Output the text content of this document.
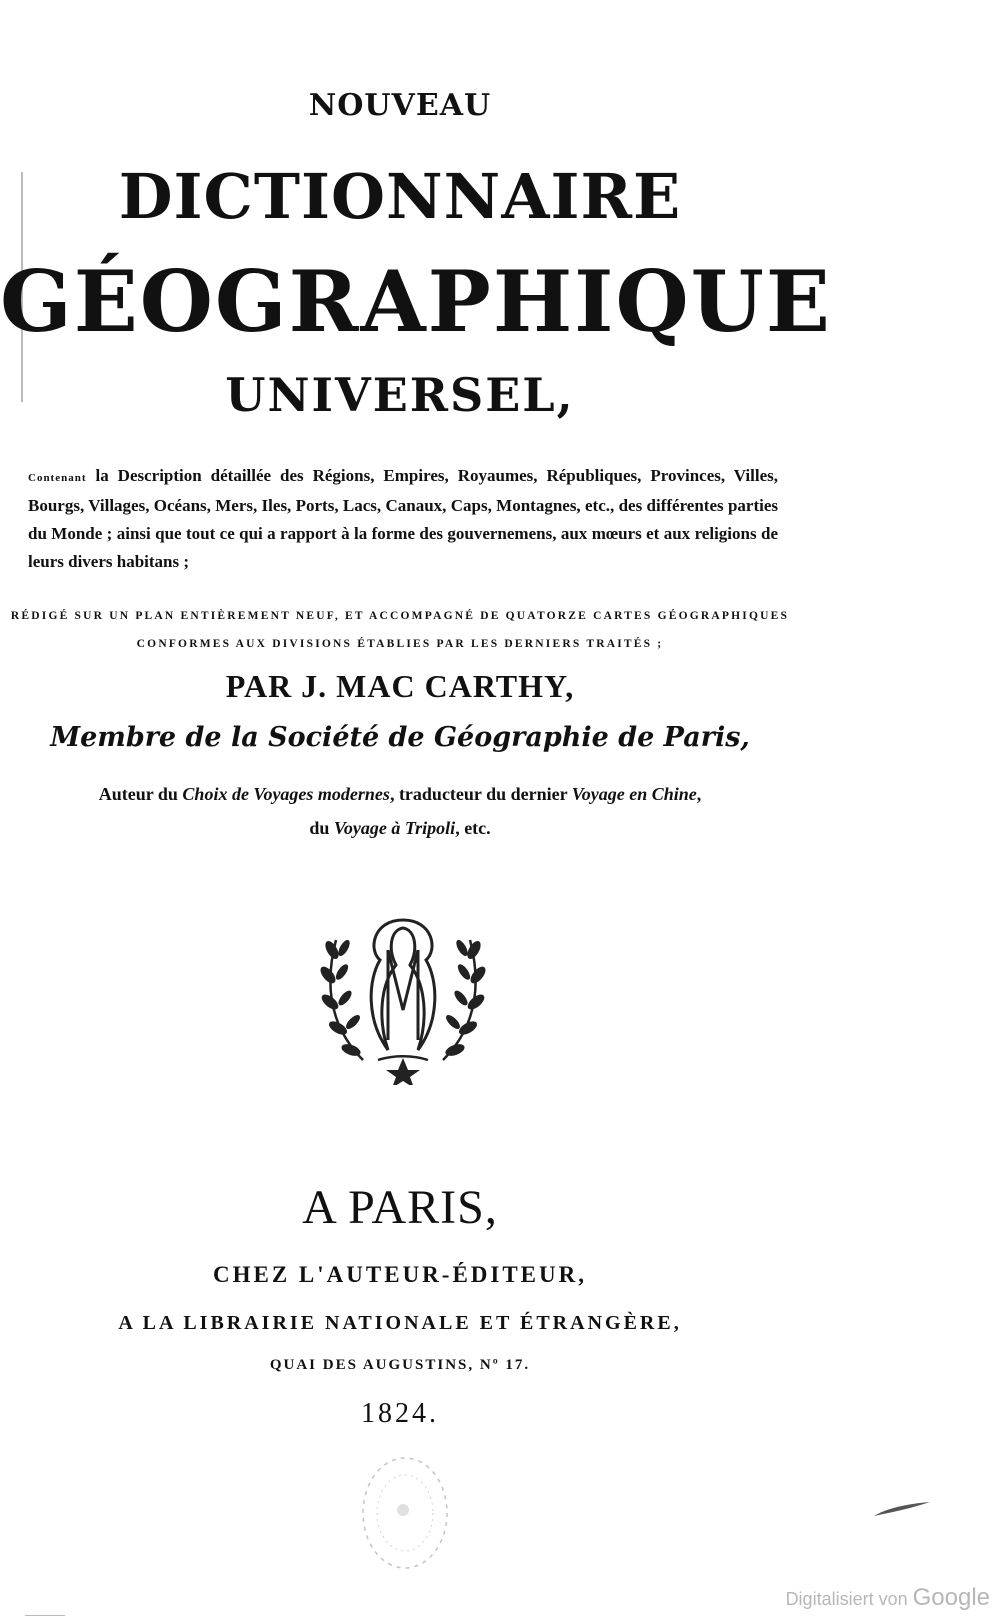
NOUVEAU
DICTIONNAIRE
GÉOGRAPHIQUE
UNIVERSEL,
Contenant la Description détaillée des Régions, Empires, Royaumes, Républiques, Provinces, Villes, Bourgs, Villages, Océans, Mers, Iles, Ports, Lacs, Canaux, Caps, Montagnes, etc., des différentes parties du Monde ; ainsi que tout ce qui a rapport à la forme des gouvernemens, aux mœurs et aux religions de leurs divers habitans ;
RÉDIGÉ SUR UN PLAN ENTIÈREMENT NEUF, ET ACCOMPAGNÉ DE QUATORZE CARTES GÉOGRAPHIQUES
CONFORMES AUX DIVISIONS ÉTABLIES PAR LES DERNIERS TRAITÉS ;
PAR J. MAC CARTHY,
Membre de la Société de Géographie de Paris,
Auteur du Choix de Voyages modernes, traducteur du dernier Voyage en Chine,
du Voyage à Tripoli, etc.
A PARIS,
CHEZ L'AUTEUR-ÉDITEUR,
A LA LIBRAIRIE NATIONALE ET ÉTRANGÈRE,
QUAI DES AUGUSTINS, Nº 17.
1824.
Digitalisiert von Google
